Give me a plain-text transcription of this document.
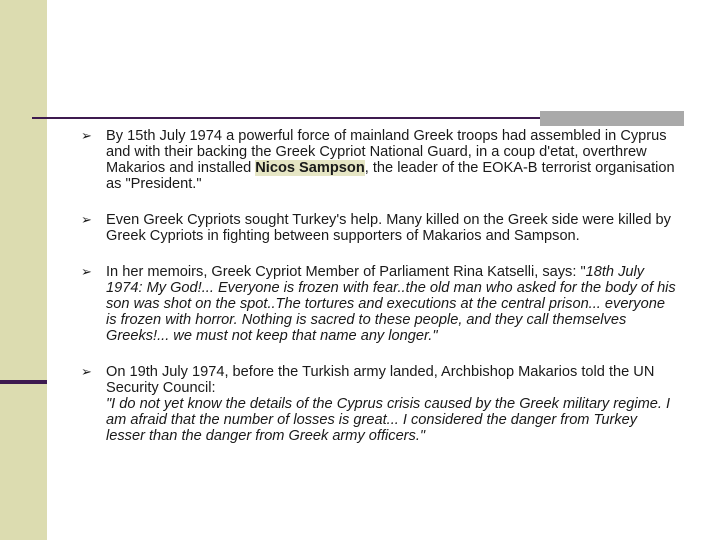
➢ By 15th July 1974 a powerful force of mainland Greek troops had assembled in Cyprus and with their backing the Greek Cypriot National Guard, in a coup d'etat, overthrew Makarios and installed Nicos Sampson, the leader of the EOKA-B terrorist organisation as "President."
➢ Even Greek Cypriots sought Turkey's help. Many killed on the Greek side were killed by Greek Cypriots in fighting between supporters of Makarios and Sampson.
➢ In her memoirs, Greek Cypriot Member of Parliament Rina Katselli, says: "18th July 1974: My God!... Everyone is frozen with fear..the old man who asked for the body of his son was shot on the spot..The tortures and executions at the central prison... everyone is frozen with horror. Nothing is sacred to these people, and they call themselves Greeks!... we must not keep that name any longer."
➢ On 19th July 1974, before the Turkish army landed, Archbishop Makarios told the UN Security Council:
"I do not yet know the details of the Cyprus crisis caused by the Greek military regime. I am afraid that the number of losses is great... I considered the danger from Turkey lesser than the danger from Greek army officers."
